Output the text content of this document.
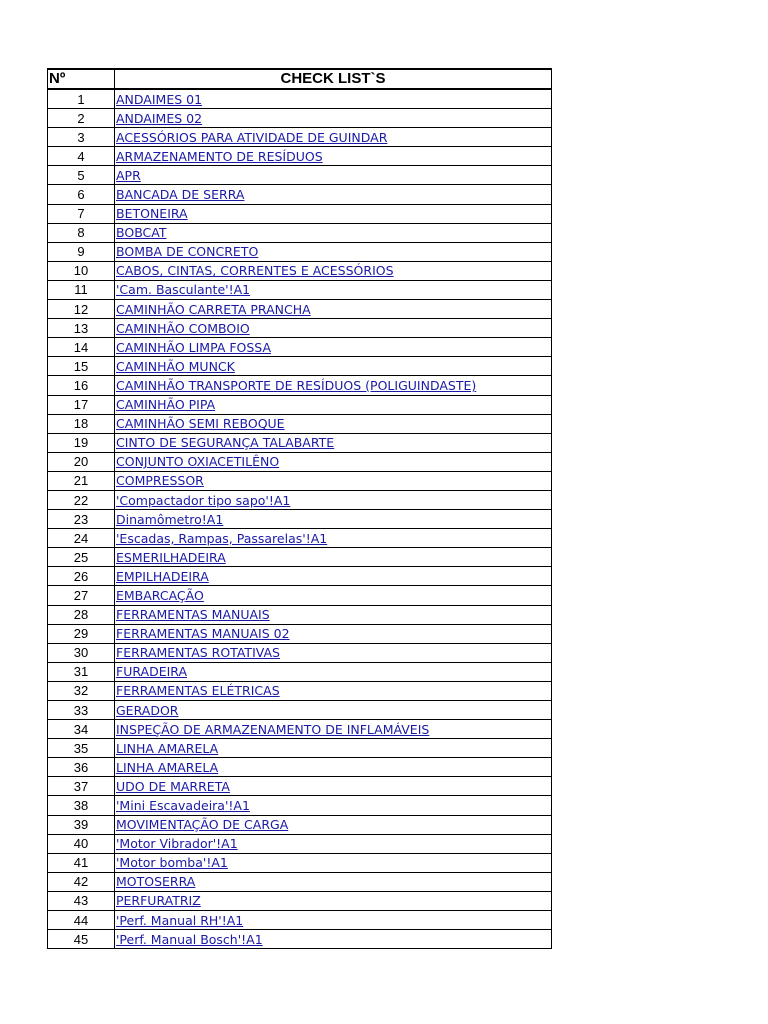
Nº	CHECK LIST`S
1	ANDAIMES 01
2	ANDAIMES 02
3	ACESSÓRIOS PARA ATIVIDADE DE GUINDAR
4	ARMAZENAMENTO DE RESÍDUOS
5	APR
6	BANCADA DE SERRA
7	BETONEIRA
8	BOBCAT
9	BOMBA DE CONCRETO
10	CABOS, CINTAS, CORRENTES E ACESSÓRIOS
11	'Cam. Basculante'!A1
12	CAMINHÃO CARRETA PRANCHA
13	CAMINHÃO COMBOIO
14	CAMINHÃO LIMPA FOSSA
15	CAMINHÃO MUNCK
16	CAMINHÃO TRANSPORTE DE RESÍDUOS (POLIGUINDASTE)
17	CAMINHÃO PIPA
18	CAMINHÃO SEMI REBOQUE
19	CINTO DE SEGURANÇA TALABARTE
20	CONJUNTO OXIACETILÊNO
21	COMPRESSOR
22	'Compactador tipo sapo'!A1
23	Dinamômetro!A1
24	'Escadas, Rampas, Passarelas'!A1
25	ESMERILHADEIRA
26	EMPILHADEIRA
27	EMBARCAÇÃO
28	FERRAMENTAS MANUAIS
29	FERRAMENTAS MANUAIS 02
30	FERRAMENTAS ROTATIVAS
31	FURADEIRA
32	FERRAMENTAS ELÉTRICAS
33	GERADOR
34	INSPEÇÃO DE ARMAZENAMENTO DE INFLAMÁVEIS
35	LINHA AMARELA
36	LINHA AMARELA
37	UDO DE MARRETA
38	'Mini Escavadeira'!A1
39	MOVIMENTAÇÃO DE CARGA
40	'Motor Vibrador'!A1
41	'Motor bomba'!A1
42	MOTOSERRA
43	PERFURATRIZ
44	'Perf. Manual RH'!A1
45	'Perf. Manual Bosch'!A1
